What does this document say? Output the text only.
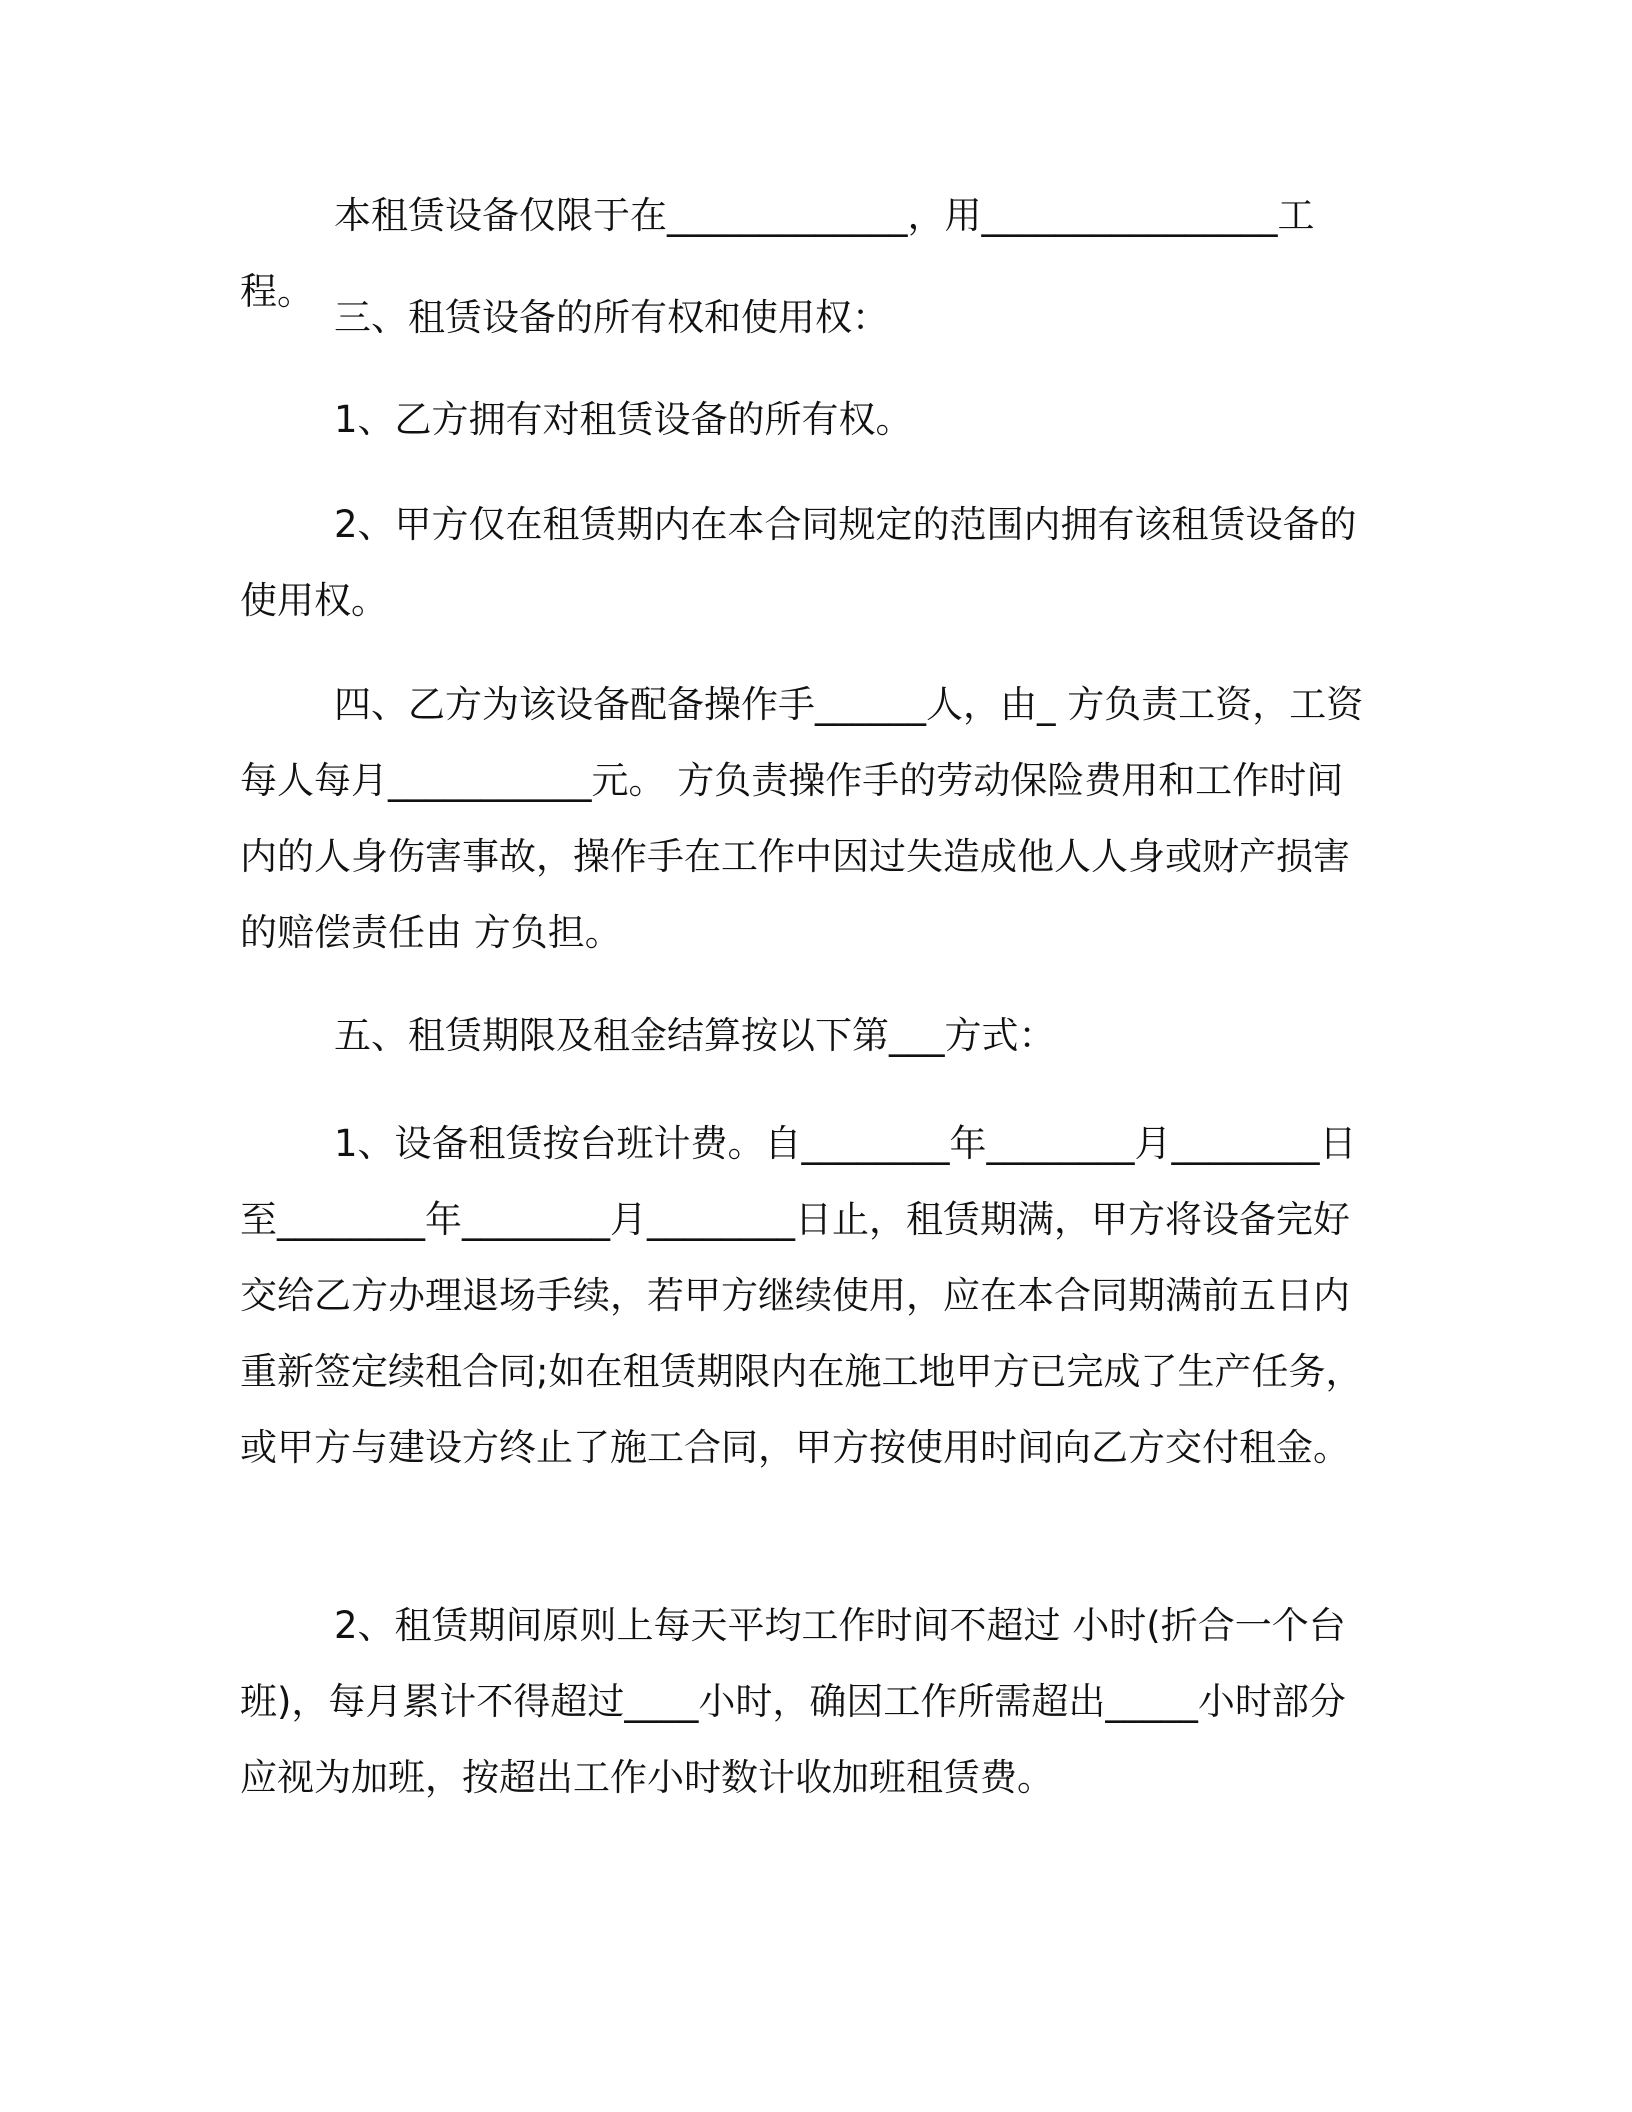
本租赁设备仅限于在_____________，用________________工程。

三、租赁设备的所有权和使用权：

1、乙方拥有对租赁设备的所有权。

2、甲方仅在租赁期内在本合同规定的范围内拥有该租赁设备的使用权。

四、乙方为该设备配备操作手______人，由_ 方负责工资，工资每人每月___________元。 方负责操作手的劳动保险费用和工作时间内的人身伤害事故，操作手在工作中因过失造成他人人身或财产损害的赔偿责任由 方负担。

五、租赁期限及租金结算按以下第___方式：

1、设备租赁按台班计费。自________年________月________日至________年________月________日止，租赁期满，甲方将设备完好交给乙方办理退场手续，若甲方继续使用，应在本合同期满前五日内重新签定续租合同;如在租赁期限内在施工地甲方已完成了生产任务，或甲方与建设方终止了施工合同，甲方按使用时间向乙方交付租金。

2、租赁期间原则上每天平均工作时间不超过 小时(折合一个台班)，每月累计不得超过____小时，确因工作所需超出_____小时部分应视为加班，按超出工作小时数计收加班租赁费。
